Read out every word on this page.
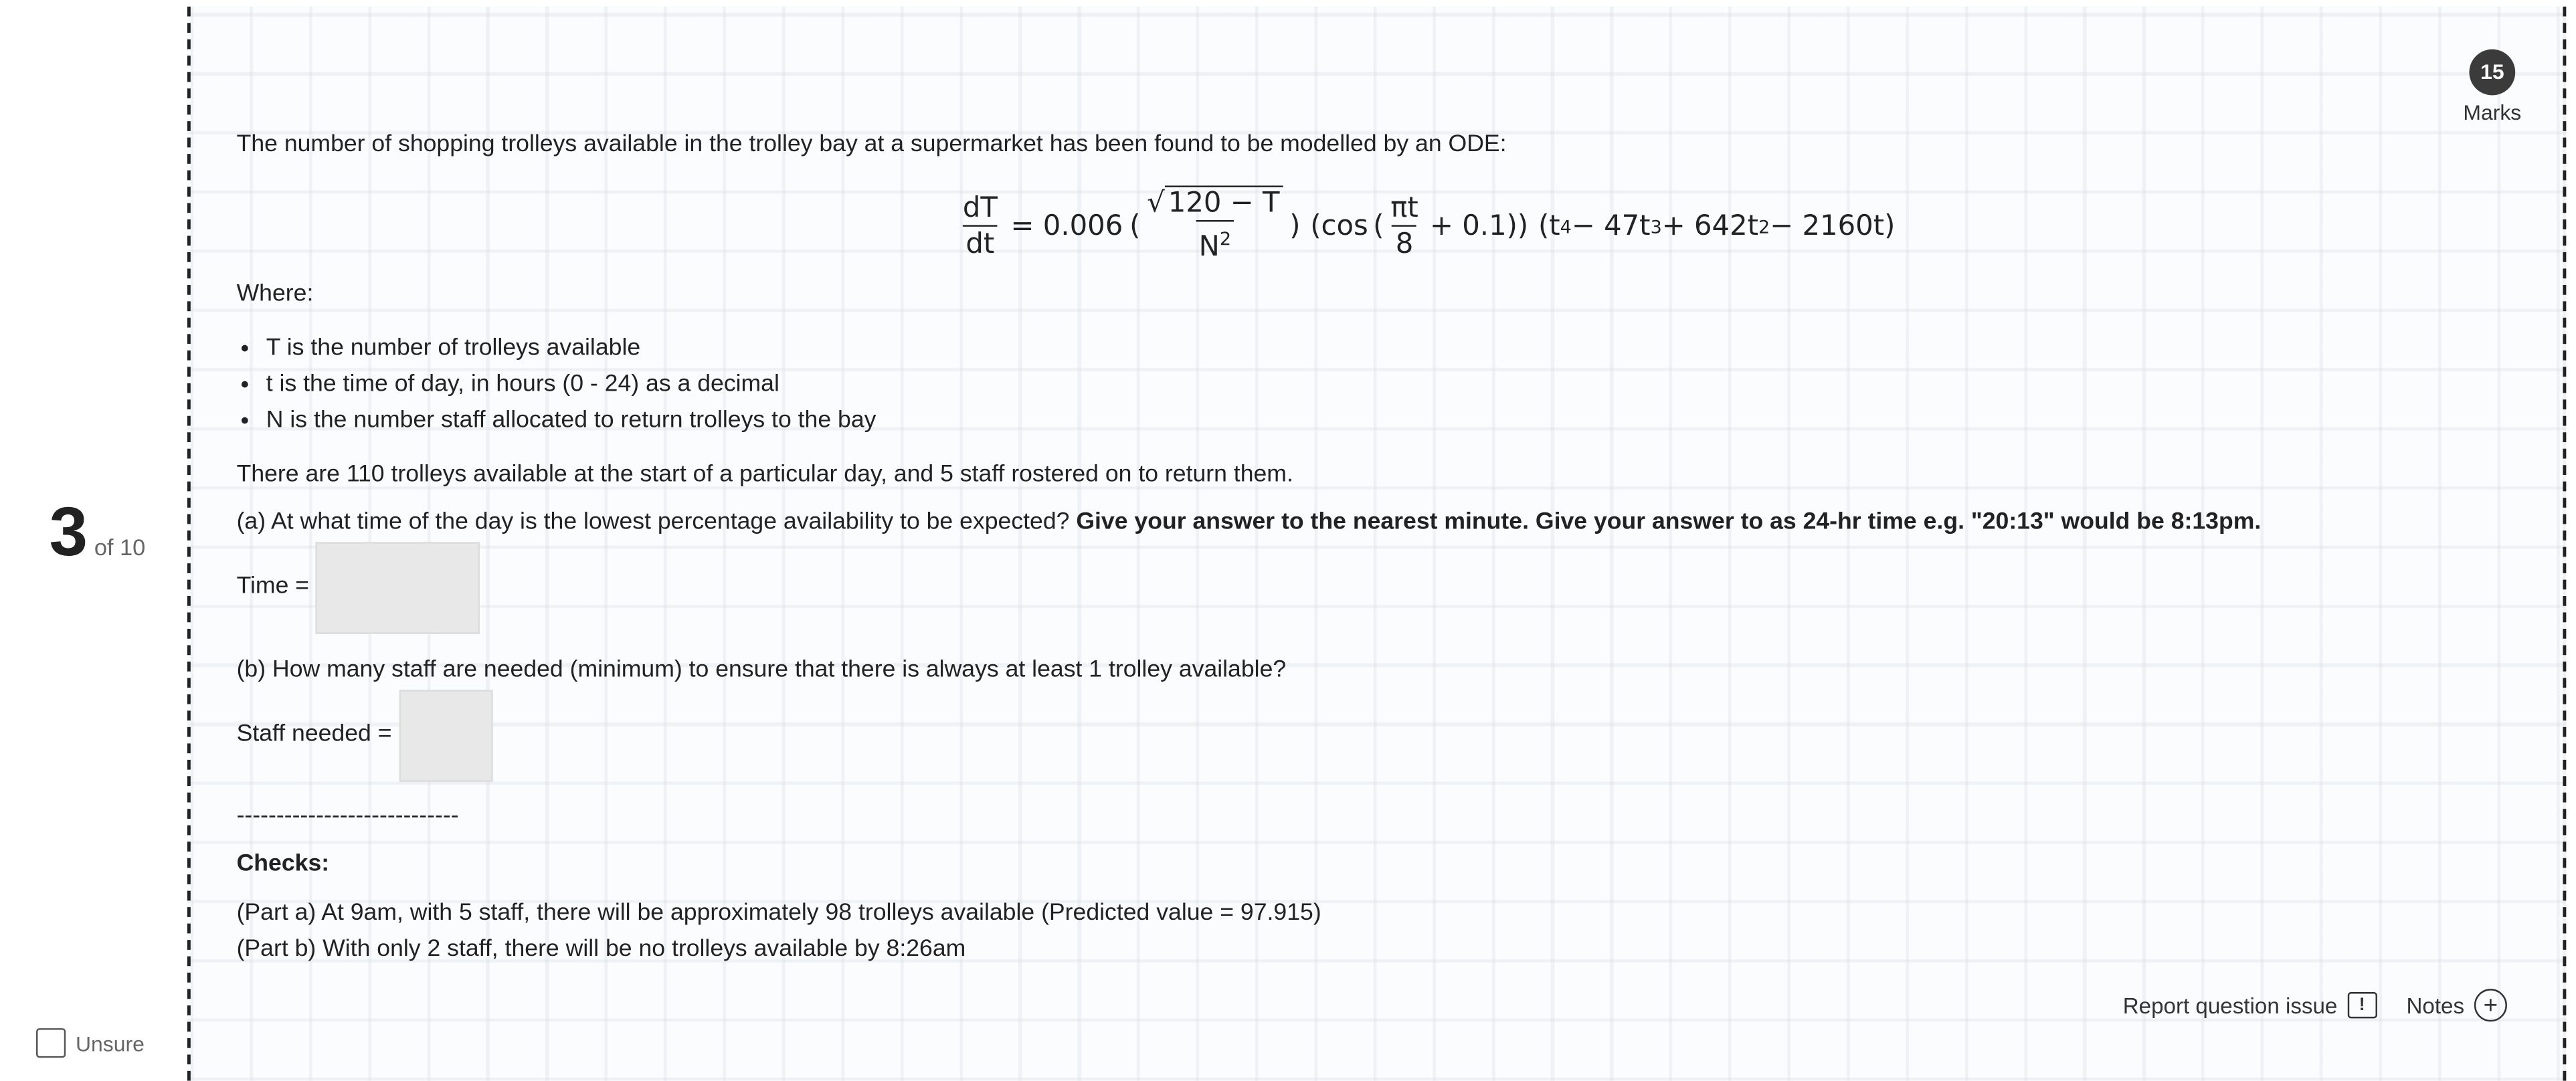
3 of 10
Unsure
15
Marks
The number of shopping trolleys available in the trolley bay at a supermarket has been found to be modelled by an ODE:
$\frac{dT}{dt} = 0.006$ ( $\frac{√ 120 - T}{N^2}$ ) (cos ( $\frac{\pi t}{8} + 0.1$)) (t 4 − 47t 3 + 642t 2 − 2160t)
Where:
• T is the number of trolleys available
• t is the time of day, in hours (0 - 24) as a decimal
• N is the number staff allocated to return trolleys to the bay
There are 110 trolleys available at the start of a particular day, and 5 staff rostered on to return them.
(a) At what time of the day is the lowest percentage availability to be expected? Give your answer to the nearest minute. Give your answer to as 24-hr time e.g. "20:13" would be 8:13pm.
Time =
(b) How many staff are needed (minimum) to ensure that there is always at least 1 trolley available?
Staff needed =
----------------------------
Checks:
(Part a) At 9am, with 5 staff, there will be approximately 98 trolleys available (Predicted value = 97.915)
(Part b) With only 2 staff, there will be no trolleys available by 8:26am
Report question issue	!	Notes	+
